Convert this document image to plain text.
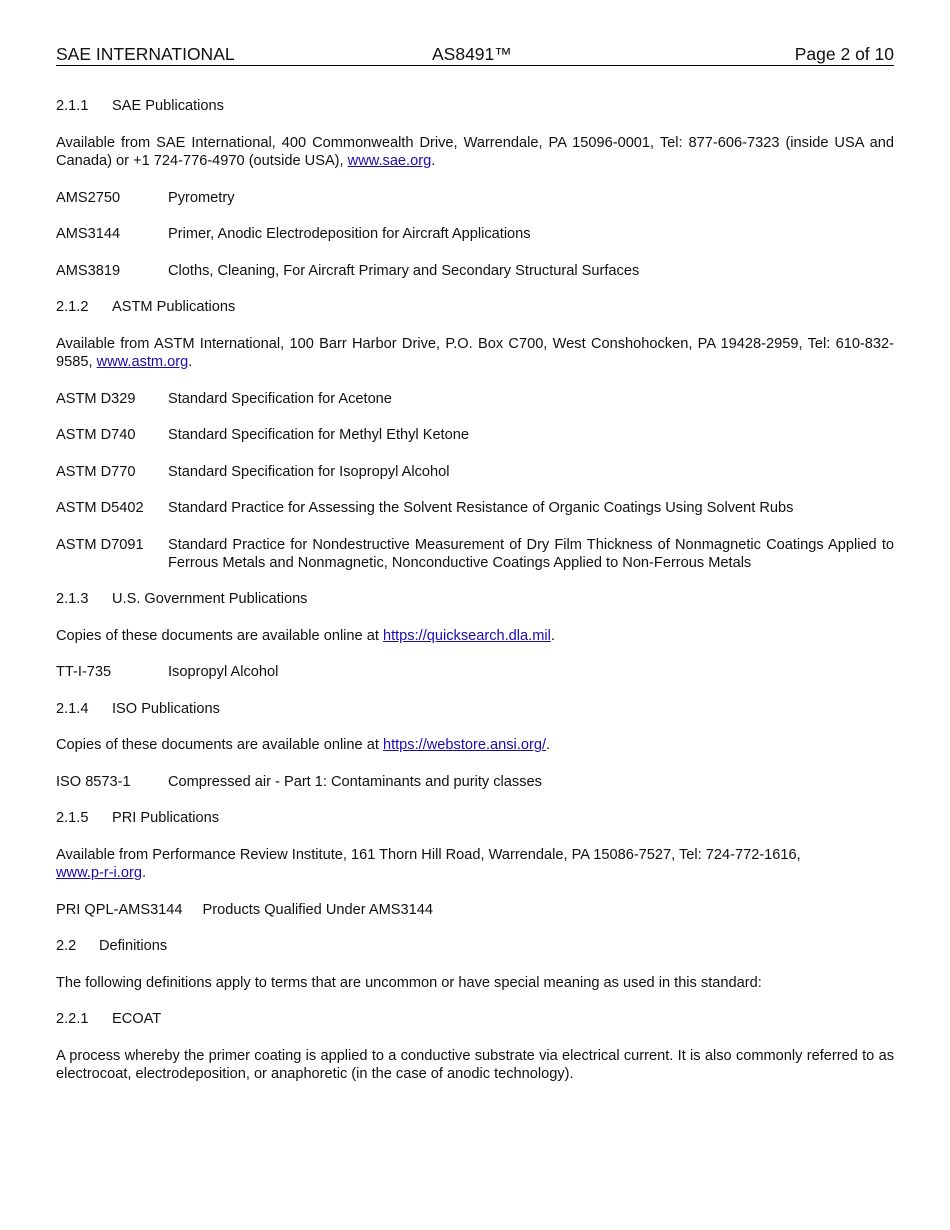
SAE INTERNATIONAL	AS8491™	Page 2 of 10
2.1.1	SAE Publications
Available from SAE International, 400 Commonwealth Drive, Warrendale, PA 15096-0001, Tel: 877-606-7323 (inside USA and Canada) or +1 724-776-4970 (outside USA), www.sae.org.
AMS2750	Pyrometry
AMS3144	Primer, Anodic Electrodeposition for Aircraft Applications
AMS3819	Cloths, Cleaning, For Aircraft Primary and Secondary Structural Surfaces
2.1.2	ASTM Publications
Available from ASTM International, 100 Barr Harbor Drive, P.O. Box C700, West Conshohocken, PA 19428-2959, Tel: 610-832-9585, www.astm.org.
ASTM D329	Standard Specification for Acetone
ASTM D740	Standard Specification for Methyl Ethyl Ketone
ASTM D770	Standard Specification for Isopropyl Alcohol
ASTM D5402	Standard Practice for Assessing the Solvent Resistance of Organic Coatings Using Solvent Rubs
ASTM D7091	Standard Practice for Nondestructive Measurement of Dry Film Thickness of Nonmagnetic Coatings Applied to Ferrous Metals and Nonmagnetic, Nonconductive Coatings Applied to Non-Ferrous Metals
2.1.3	U.S. Government Publications
Copies of these documents are available online at https://quicksearch.dla.mil.
TT-I-735	Isopropyl Alcohol
2.1.4	ISO Publications
Copies of these documents are available online at https://webstore.ansi.org/.
ISO 8573-1	Compressed air - Part 1: Contaminants and purity classes
2.1.5	PRI Publications
Available from Performance Review Institute, 161 Thorn Hill Road, Warrendale, PA 15086-7527, Tel: 724-772-1616,
www.p-r-i.org.
PRI QPL-AMS3144 Products Qualified Under AMS3144
2.2	Definitions
The following definitions apply to terms that are uncommon or have special meaning as used in this standard:
2.2.1	ECOAT
A process whereby the primer coating is applied to a conductive substrate via electrical current. It is also commonly referred to as electrocoat, electrodeposition, or anaphoretic (in the case of anodic technology).
